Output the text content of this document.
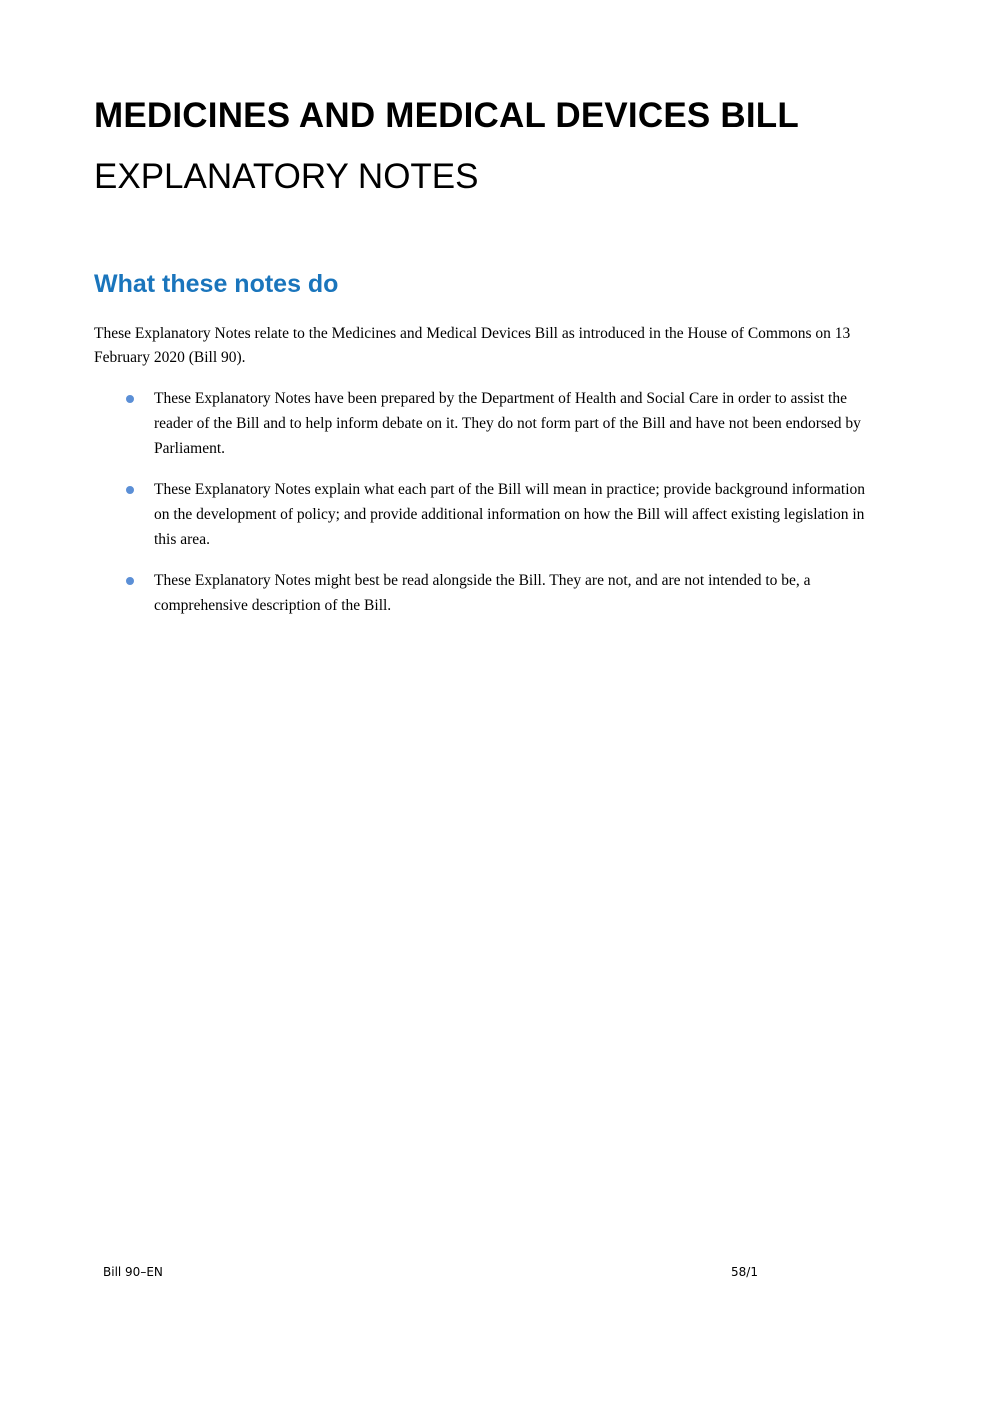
MEDICINES AND MEDICAL DEVICES BILL
EXPLANATORY NOTES
What these notes do

These Explanatory Notes relate to the Medicines and Medical Devices Bill as introduced in the House of Commons on 13 February 2020 (Bill 90).

These Explanatory Notes have been prepared by the Department of Health and Social Care in order to assist the reader of the Bill and to help inform debate on it. They do not form part of the Bill and have not been endorsed by Parliament.
These Explanatory Notes explain what each part of the Bill will mean in practice; provide background information on the development of policy; and provide additional information on how the Bill will affect existing legislation in this area.
These Explanatory Notes might best be read alongside the Bill. They are not, and are not intended to be, a comprehensive description of the Bill.
Bill 90–EN	58/1
